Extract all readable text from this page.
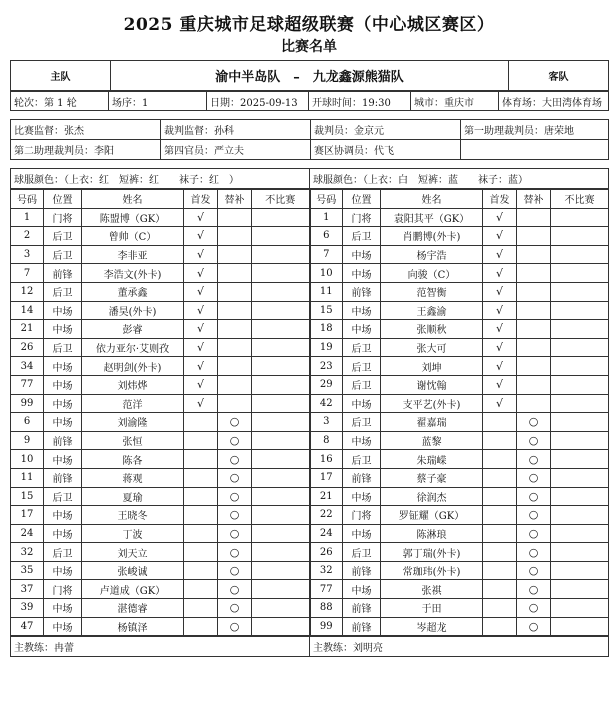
2025 重庆城市足球超级联赛（中心城区赛区）
比赛名单
主队	渝中半岛队　–　九龙鑫源熊猫队	客队
轮次：第 1 轮	场序：1	日期：2025-09-13	开球时间：19:30	城市：重庆市	体育场：大田湾体育场
比赛监督：张杰	裁判监督：孙科	裁判员：金京元	第一助理裁判员：唐荣地
第二助理裁判员：李阳	第四官员：严立夫	赛区协调员：代飞	
球服颜色：（上衣：红　短裤：红　　袜子：红　）	球服颜色：（上衣：白　短裤：蓝　　袜子：蓝）
号码	位置	姓名	首发	替补	不比赛	号码	位置	姓名	首发	替补	不比赛
1	门将	陈盟博（GK）	√			1	门将	袁阳其平（GK）	√		
2	后卫	曾帅（C）	√			6	后卫	肖鹏博(外卡)	√		
3	后卫	李非亚	√			7	中场	杨宇浩	√		
7	前锋	李浩文(外卡)	√			10	中场	向骏（C）	√		
12	后卫	董承鑫	√			11	前锋	范智衡	√		
14	中场	潘昊(外卡)	√			15	中场	王鑫渝	√		
21	中场	彭睿	√			18	中场	张顺秋	√		
26	后卫	依力亚尔·艾则孜	√			19	后卫	张大可	√		
34	中场	赵明剑(外卡)	√			23	后卫	刘坤	√		
77	中场	刘炜烨	√			29	后卫	谢忱翰	√		
99	中场	范洋	√			42	中场	支平艺(外卡)	√		
6	中场	刘渝隆		○		3	后卫	翟嘉瑞		○	
9	前锋	张恒		○		8	中场	蓝黎		○	
10	中场	陈各		○		16	后卫	朱瑞嵘		○	
11	前锋	蒋观		○		17	前锋	蔡子豪		○	
15	后卫	夏瑜		○		21	中场	徐润杰		○	
17	中场	王晓冬		○		22	门将	罗钲耀（GK）		○	
24	中场	丁波		○		24	中场	陈淋琅		○	
32	后卫	刘天立		○		26	后卫	郭丁瑞(外卡)		○	
35	中场	张峻诚		○		32	前锋	常珈玮(外卡)		○	
37	门将	卢道成（GK）		○		77	中场	张祺		○	
39	中场	湛德睿		○		88	前锋	于田		○	
47	中场	杨镇泽		○		99	前锋	岑超龙		○	
主教练：冉蕾	主教练：刘明亮
